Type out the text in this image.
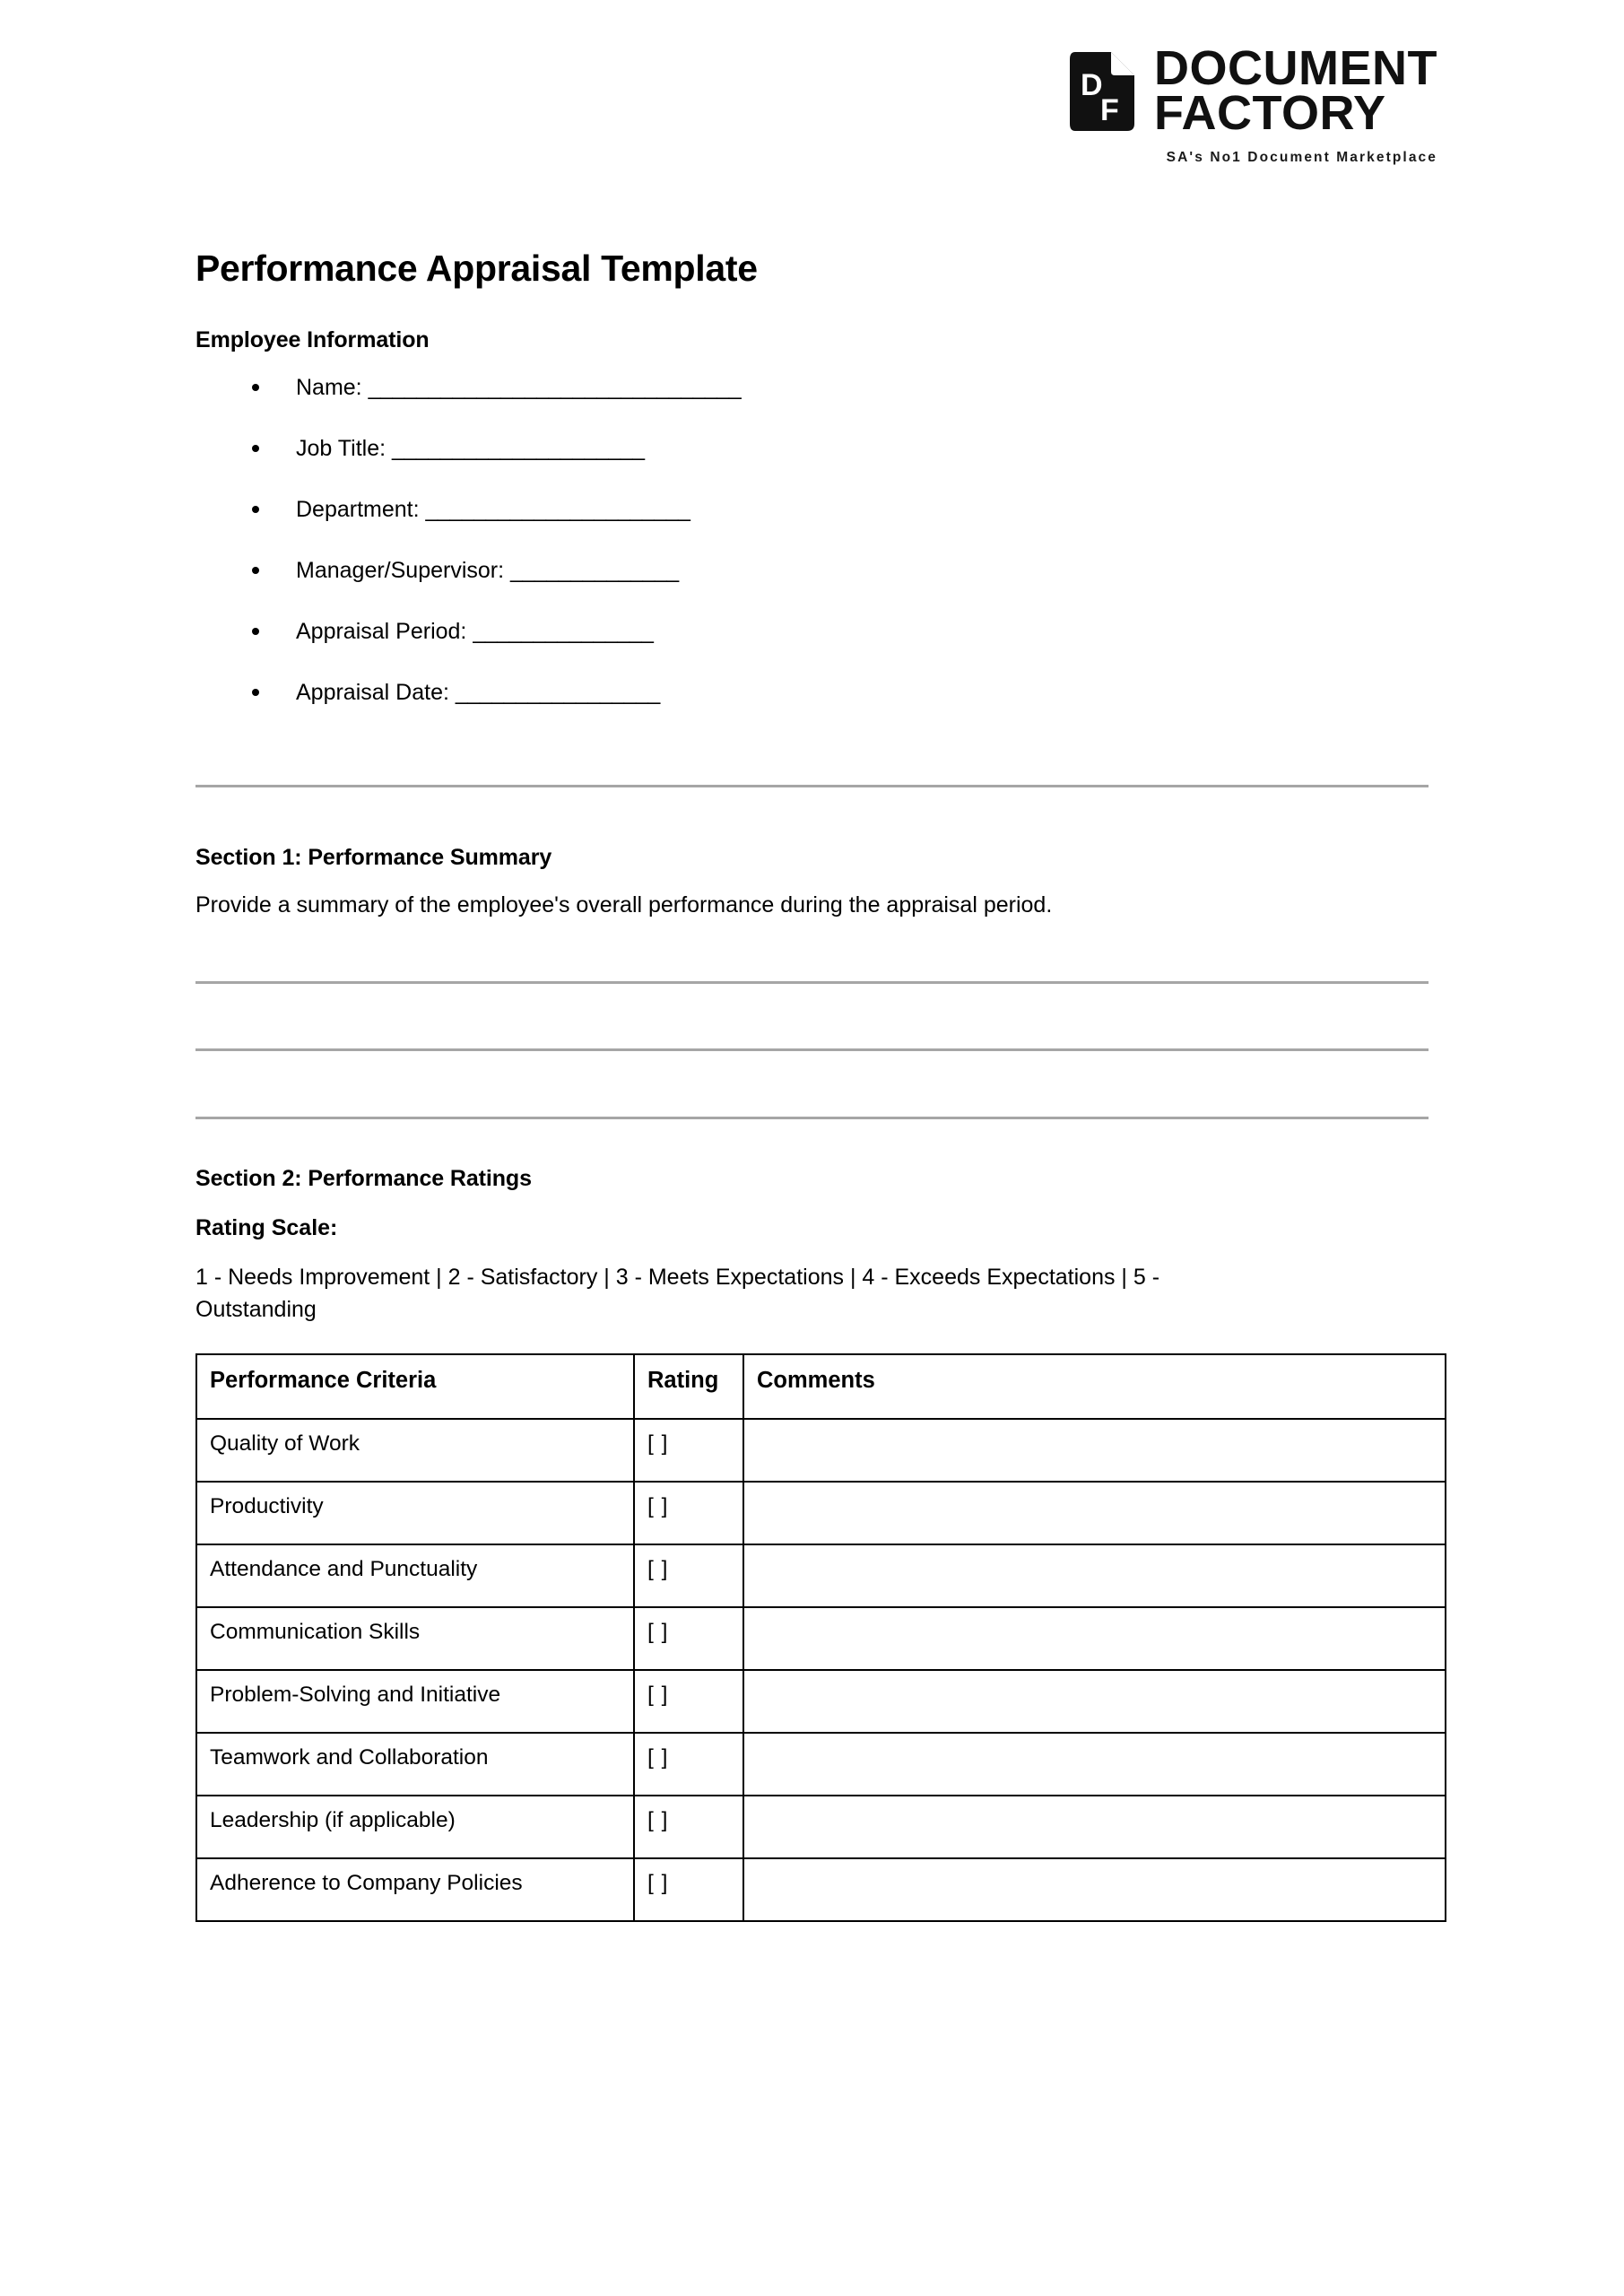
D
F
DOCUMENT
FACTORY
SA's No1 Document Marketplace
Performance Appraisal Template
Employee Information
Name: _______________________________
Job Title: _____________________
Department: ______________________
Manager/Supervisor: ______________
Appraisal Period: _______________
Appraisal Date: _________________
Section 1: Performance Summary

Provide a summary of the employee's overall performance during the appraisal period.

Section 2: Performance Ratings

Rating Scale:

1 - Needs Improvement | 2 - Satisfactory | 3 - Meets Expectations | 4 - Exceeds Expectations | 5 - Outstanding

Performance Criteria	Rating	Comments
Quality of Work	[ ]	
Productivity	[ ]	
Attendance and Punctuality	[ ]	
Communication Skills	[ ]	
Problem-Solving and Initiative	[ ]	
Teamwork and Collaboration	[ ]	
Leadership (if applicable)	[ ]	
Adherence to Company Policies	[ ]	
